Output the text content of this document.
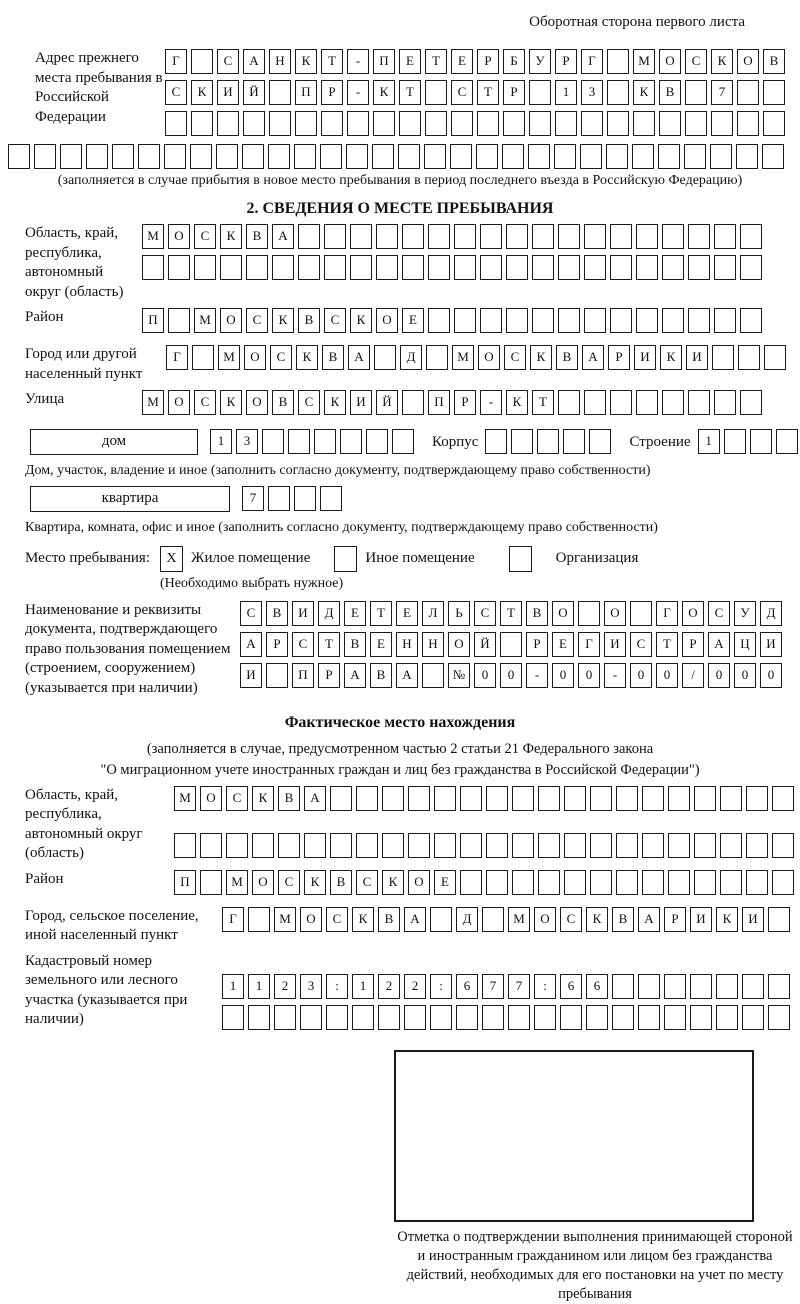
Оборотная сторона первого листа
Адрес прежнего места пребывания в Российской Федерации
Г	С А Н К Т - П Е Т Е Р Б У Р Г	М О С К О В
С К И Й	П Р - К Т	С Т Р	1 3	К В	7
(заполняется в случае прибытия в новое место пребывания в период последнего въезда в Российскую Федерацию)
2. СВЕДЕНИЯ О МЕСТЕ ПРЕБЫВАНИЯ
Область, край, республика, автономный округ (область)
М О С К В А
Район	П	М О С К В С К О Е
Город или другой населенный пункт
Г	М О С К В А	Д	М О С К В А Р И К И
Улица	М О С К О В С К И Й	П Р - К Т
дом	1 3	Корпус	Строение 1
Дом, участок, владение и иное (заполнить согласно документу, подтверждающему право собственности)
квартира	7
Квартира, комната, офис и иное (заполнить согласно документу, подтверждающему право собственности)
Место пребывания:	X Жилое помещение	Иное помещение	Организация
(Необходимо выбрать нужное)
Наименование и реквизиты документа, подтверждающего право пользования помещением (строением, сооружением) (указывается при наличии)
С В И Д Е Т Е Л Ь С Т В О	О	Г О С У Д
А Р С Т В Е Н Н О Й	Р Е Г И С Т Р А Ц И
И	П Р А В А	№ 0 0 - 0 0 - 0 0 / 0 0 0
Фактическое место нахождения
(заполняется в случае, предусмотренном частью 2 статьи 21 Федерального закона
"О миграционном учете иностранных граждан и лиц без гражданства в Российской Федерации")
Область, край, республика, автономный округ (область)
М О С К В А
Район	П	М О С К В С К О Е
Город, сельское поселение, иной населенный пункт
Г	М О С К В А	Д	М О С К В А Р И К И
Кадастровый номер земельного или лесного участка (указывается при наличии)
1 1 2 3 : 1 2 2 : 6 7 7 : 6 6
Отметка о подтверждении выполнения принимающей стороной и иностранным гражданином или лицом без гражданства действий, необходимых для его постановки на учет по месту пребывания
